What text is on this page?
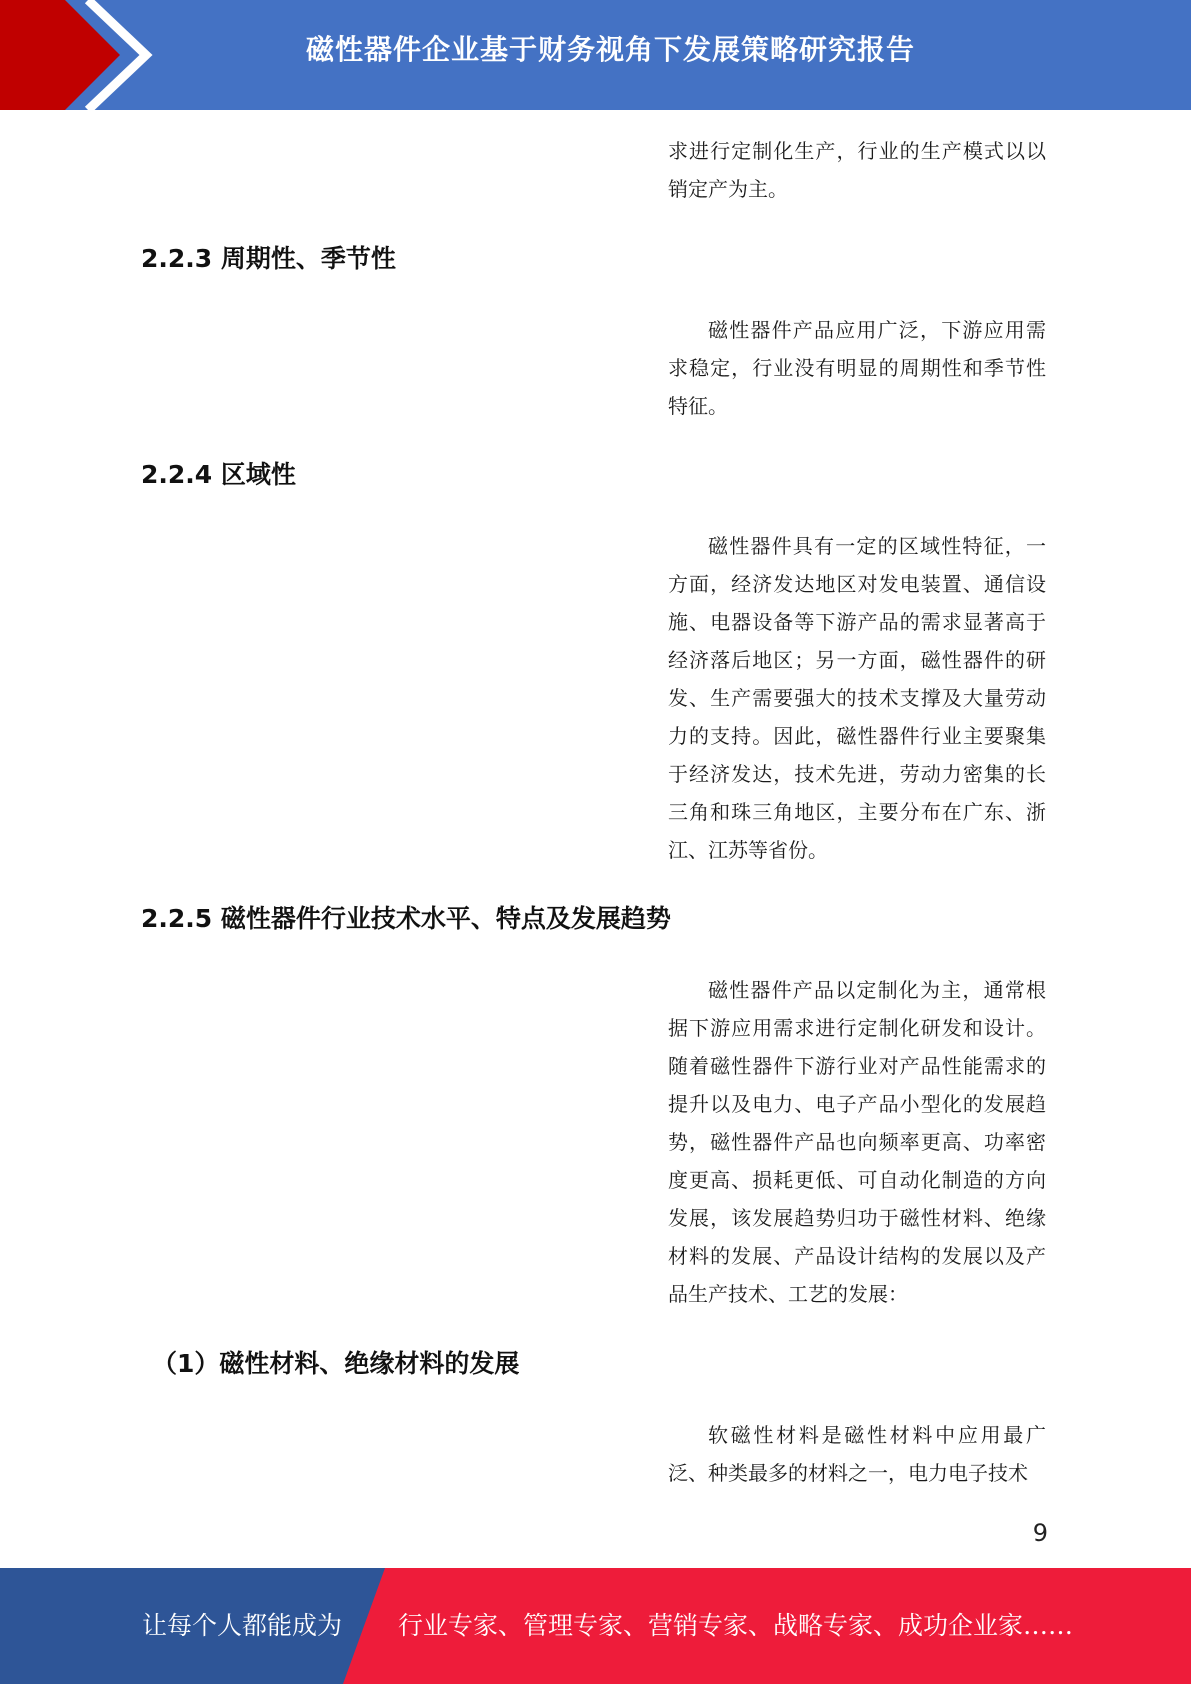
磁性器件企业基于财务视角下发展策略研究报告
求进行定制化生产，行业的生产模式以以销定产为主。
2.2.3 周期性、季节性
磁性器件产品应用广泛，下游应用需求稳定，行业没有明显的周期性和季节性特征。
2.2.4 区域性
磁性器件具有一定的区域性特征，一方面，经济发达地区对发电装置、通信设施、电器设备等下游产品的需求显著高于经济落后地区；另一方面，磁性器件的研发、生产需要强大的技术支撑及大量劳动力的支持。因此，磁性器件行业主要聚集于经济发达，技术先进，劳动力密集的长三角和珠三角地区，主要分布在广东、浙江、江苏等省份。
2.2.5 磁性器件行业技术水平、特点及发展趋势
磁性器件产品以定制化为主，通常根据下游应用需求进行定制化研发和设计。随着磁性器件下游行业对产品性能需求的提升以及电力、电子产品小型化的发展趋势，磁性器件产品也向频率更高、功率密度更高、损耗更低、可自动化制造的方向发展，该发展趋势归功于磁性材料、绝缘材料的发展、产品设计结构的发展以及产品生产技术、工艺的发展：
（1）磁性材料、绝缘材料的发展
软磁性材料是磁性材料中应用最广泛、种类最多的材料之一，电力电子技术
9
让每个人都能成为 行业专家、管理专家、营销专家、战略专家、成功企业家……
